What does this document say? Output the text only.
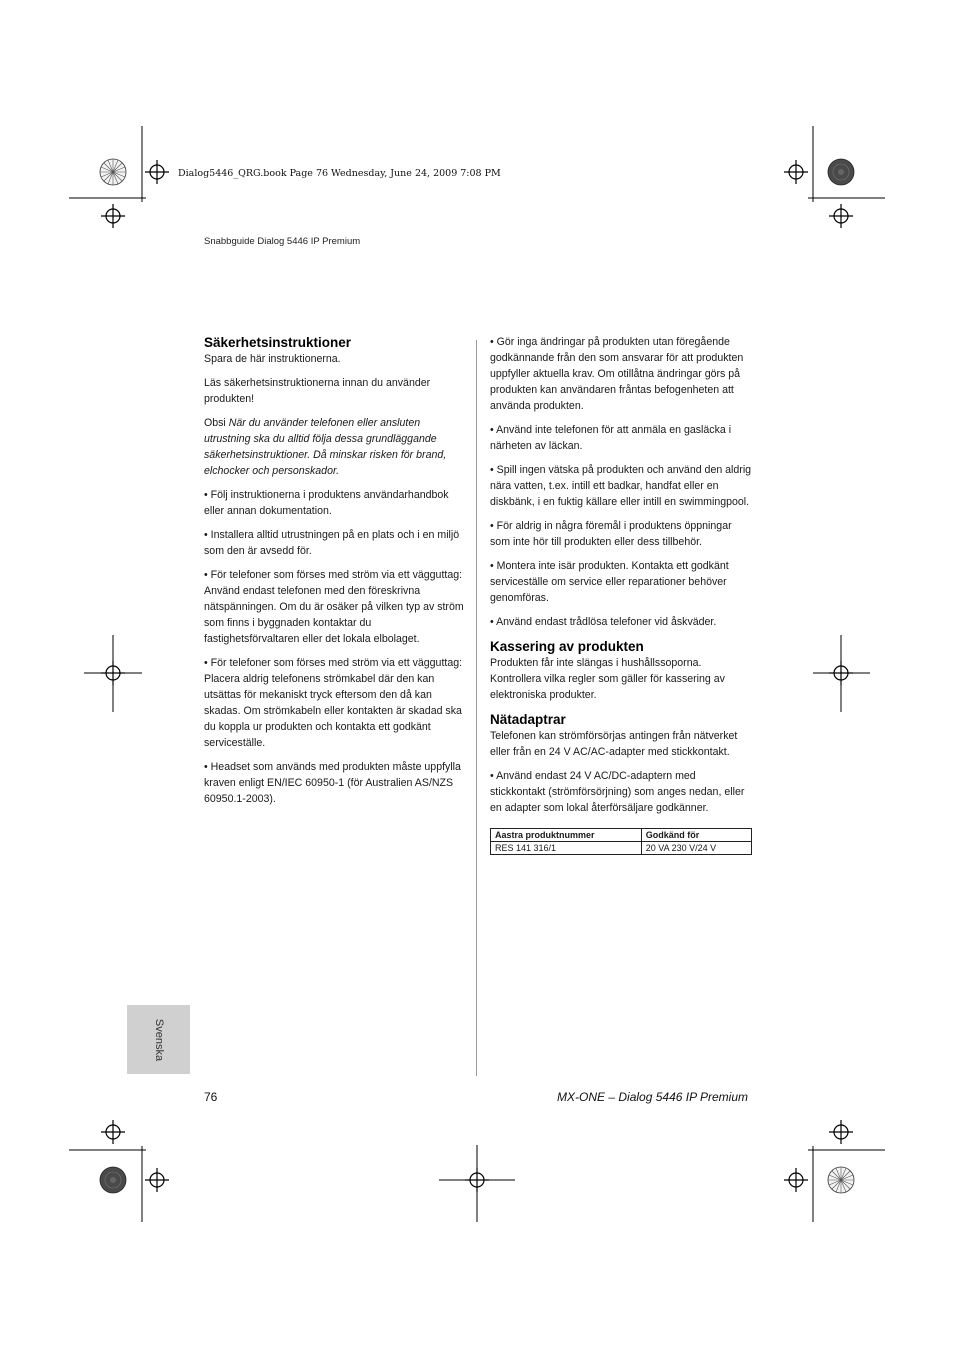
Dialog5446_QRG.book Page 76 Wednesday, June 24, 2009 7:08 PM
Snabbguide Dialog 5446 IP Premium
Säkerhetsinstruktioner

Spara de här instruktionerna.

Läs säkerhetsinstruktionerna innan du använder produkten!

Obsi När du använder telefonen eller ansluten utrustning ska du alltid följa dessa grundläggande säkerhetsinstruktioner. Då minskar risken för brand, elchocker och personskador.

• Följ instruktionerna i produktens användarhandbok eller annan dokumentation.

• Installera alltid utrustningen på en plats och i en miljö som den är avsedd för.

• För telefoner som förses med ström via ett vägguttag: Använd endast telefonen med den föreskrivna nätspänningen. Om du är osäker på vilken typ av ström som finns i byggnaden kontaktar du fastighetsförvaltaren eller det lokala elbolaget.

• För telefoner som förses med ström via ett vägguttag: Placera aldrig telefonens strömkabel där den kan utsättas för mekaniskt tryck eftersom den då kan skadas. Om strömkabeln eller kontakten är skadad ska du koppla ur produkten och kontakta ett godkänt serviceställe.

• Headset som används med produkten måste uppfylla kraven enligt EN/IEC 60950-1 (för Australien AS/NZS 60950.1-2003).

• Gör inga ändringar på produkten utan föregående godkännande från den som ansvarar för att produkten uppfyller aktuella krav. Om otillåtna ändringar görs på produkten kan användaren fråntas befogenheten att använda produkten.

• Använd inte telefonen för att anmäla en gasläcka i närheten av läckan.

• Spill ingen vätska på produkten och använd den aldrig nära vatten, t.ex. intill ett badkar, handfat eller en diskbänk, i en fuktig källare eller intill en swimmingpool.

• För aldrig in några föremål i produktens öppningar som inte hör till produkten eller dess tillbehör.

• Montera inte isär produkten. Kontakta ett godkänt serviceställe om service eller reparationer behöver genomföras.

• Använd endast trådlösa telefoner vid åskväder.

Kassering av produkten

Produkten får inte slängas i hushållssoporna. Kontrollera vilka regler som gäller för kassering av elektroniska produkter.

Nätadaptrar

Telefonen kan strömförsörjas antingen från nätverket eller från en 24 V AC/AC-adapter med stickkontakt.

• Använd endast 24 V AC/DC-adaptern med stickkontakt (strömförsörjning) som anges nedan, eller en adapter som lokal återförsäljare godkänner.

Aastra produktnummer	Godkänd för
RES 141 316/1	20 VA 230 V/24 V
Svenska
76	MX-ONE – Dialog 5446 IP Premium
